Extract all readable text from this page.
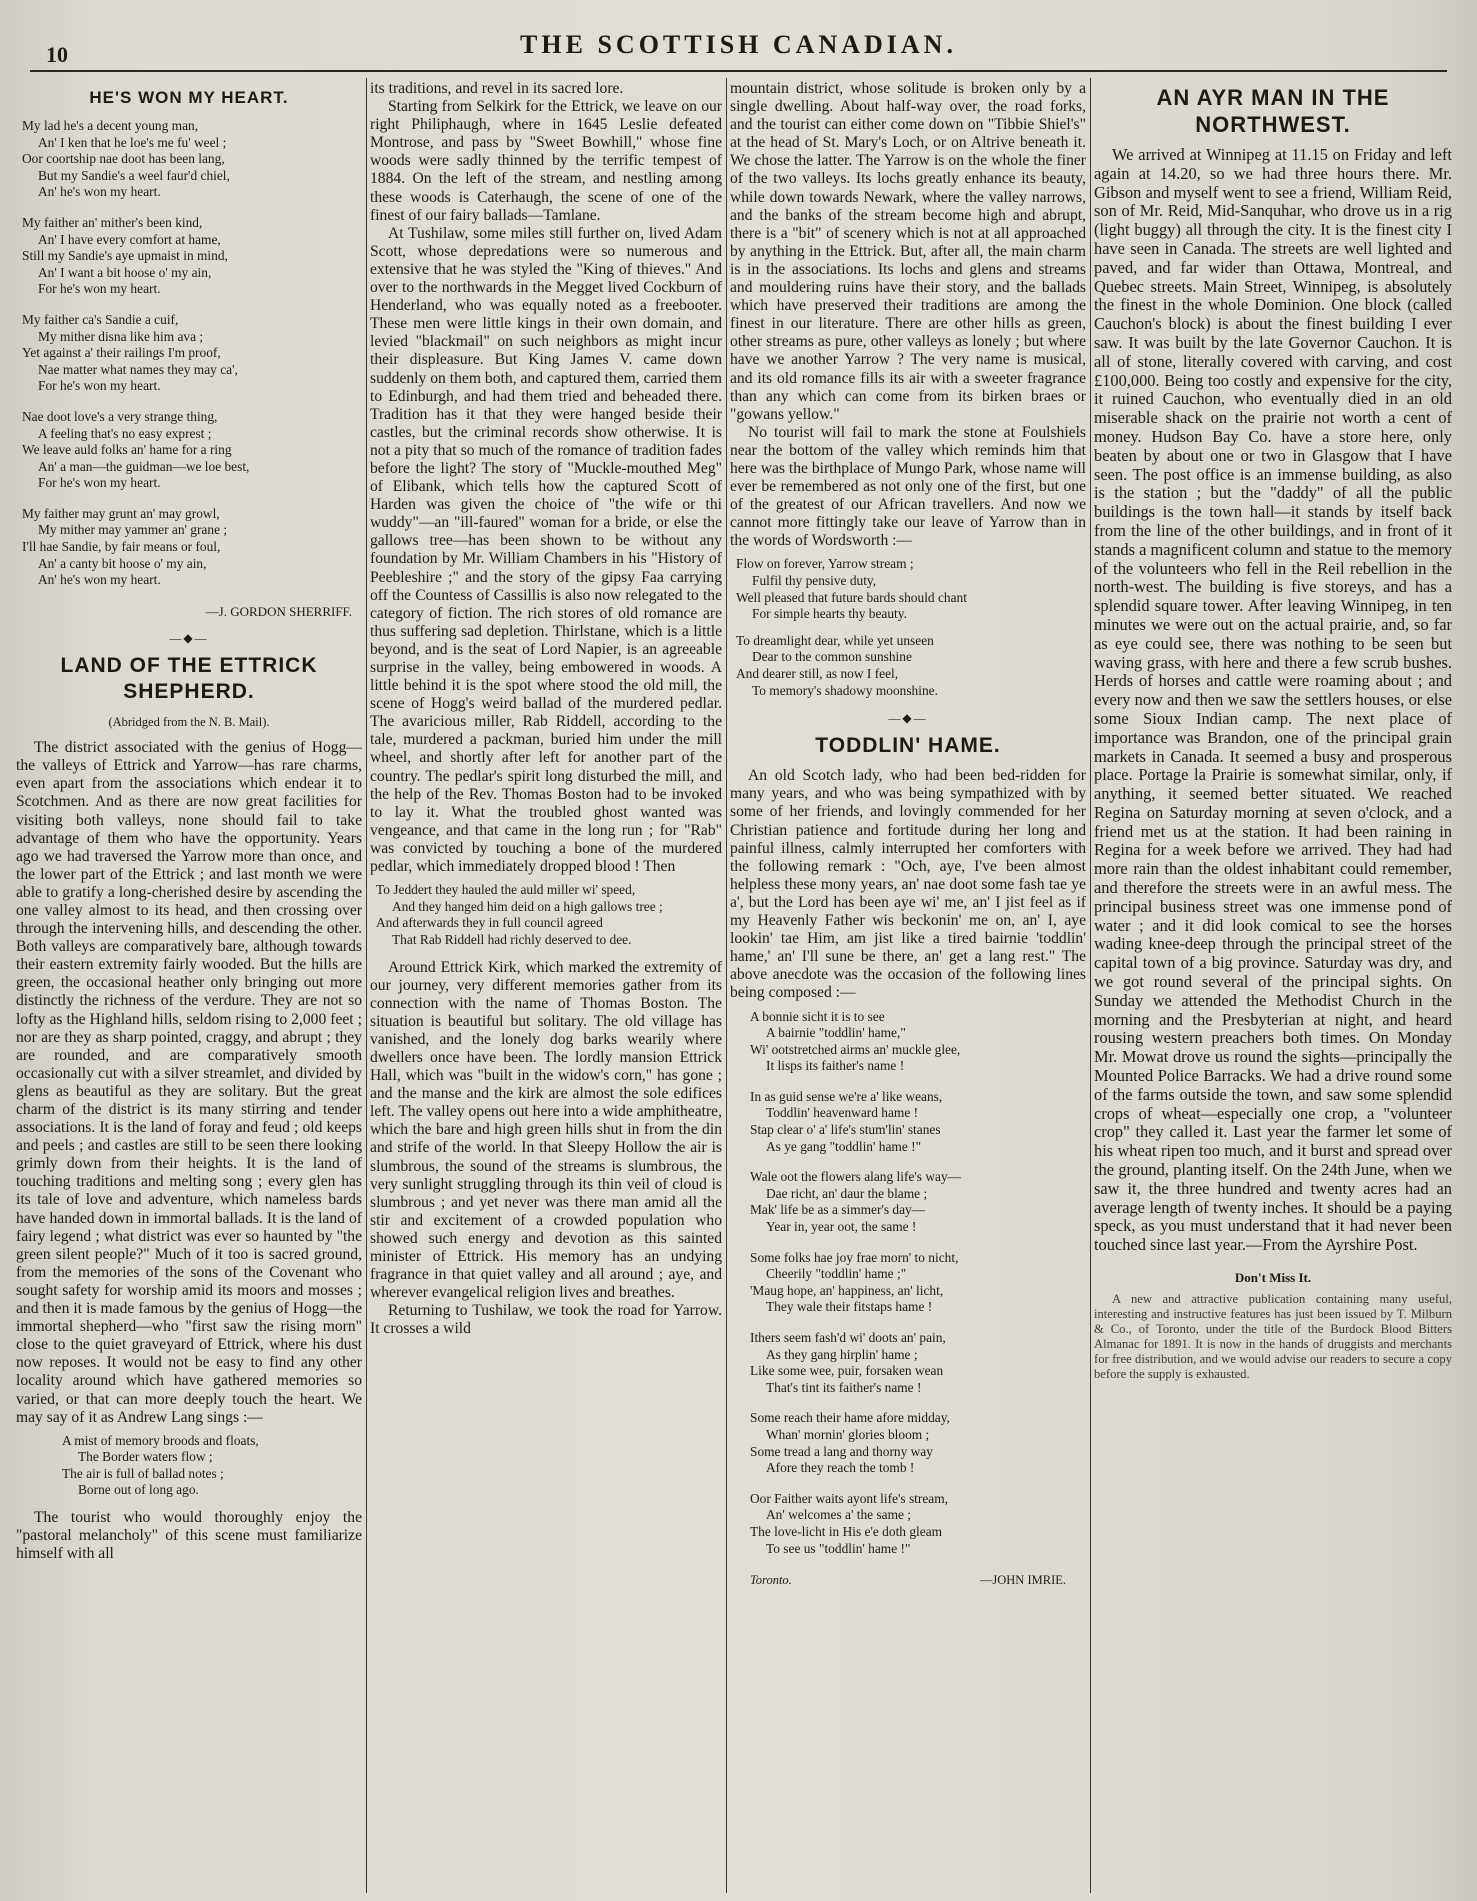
10	THE SCOTTISH CANADIAN.
HE'S WON MY HEART.

My lad he's a decent young man,

An' I ken that he loe's me fu' weel ;

Oor coortship nae doot has been lang,

But my Sandie's a weel faur'd chiel,

An' he's won my heart.

My faither an' mither's been kind,

An' I have every comfort at hame,

Still my Sandie's aye upmaist in mind,

An' I want a bit hoose o' my ain,

For he's won my heart.

My faither ca's Sandie a cuif,

My mither disna like him ava ;

Yet against a' their railings I'm proof,

Nae matter what names they may ca',

For he's won my heart.

Nae doot love's a very strange thing,

A feeling that's no easy exprest ;

We leave auld folks an' hame for a ring

An' a man—the guidman—we loe best,

For he's won my heart.

My faither may grunt an' may growl,

My mither may yammer an' grane ;

I'll hae Sandie, by fair means or foul,

An' a canty bit hoose o' my ain,

An' he's won my heart.

—J. GORDON SHERRIFF.
—◆—
LAND OF THE ETTRICK SHEPHERD.
(Abridged from the N. B. Mail).

The district associated with the genius of Hogg—the valleys of Ettrick and Yarrow—has rare charms, even apart from the associations which endear it to Scotchmen. And as there are now great facilities for visiting both valleys, none should fail to take advantage of them who have the opportunity. Years ago we had traversed the Yarrow more than once, and the lower part of the Ettrick ; and last month we were able to gratify a long-cherished desire by ascending the one valley almost to its head, and then crossing over through the intervening hills, and descending the other. Both valleys are comparatively bare, although towards their eastern extremity fairly wooded. But the hills are green, the occasional heather only bringing out more distinctly the richness of the verdure. They are not so lofty as the Highland hills, seldom rising to 2,000 feet ; nor are they as sharp pointed, craggy, and abrupt ; they are rounded, and are comparatively smooth occasionally cut with a silver streamlet, and divided by glens as beautiful as they are solitary. But the great charm of the district is its many stirring and tender associations. It is the land of foray and feud ; old keeps and peels ; and castles are still to be seen there looking grimly down from their heights. It is the land of touching traditions and melting song ; every glen has its tale of love and adventure, which nameless bards have handed down in immortal ballads. It is the land of fairy legend ; what district was ever so haunted by "the green silent people?" Much of it too is sacred ground, from the memories of the sons of the Covenant who sought safety for worship amid its moors and mosses ; and then it is made famous by the genius of Hogg—the immortal shepherd—who "first saw the rising morn" close to the quiet graveyard of Ettrick, where his dust now reposes. It would not be easy to find any other locality around which have gathered memories so varied, or that can more deeply touch the heart. We may say of it as Andrew Lang sings :—

A mist of memory broods and floats,

The Border waters flow ;

The air is full of ballad notes ;

Borne out of long ago.

The tourist who would thoroughly enjoy the "pastoral melancholy" of this scene must familiarize himself with all

its traditions, and revel in its sacred lore.

Starting from Selkirk for the Ettrick, we leave on our right Philiphaugh, where in 1645 Leslie defeated Montrose, and pass by "Sweet Bowhill," whose fine woods were sadly thinned by the terrific tempest of 1884. On the left of the stream, and nestling among these woods is Caterhaugh, the scene of one of the finest of our fairy ballads—Tamlane.

At Tushilaw, some miles still further on, lived Adam Scott, whose depredations were so numerous and extensive that he was styled the "King of thieves." And over to the northwards in the Megget lived Cockburn of Henderland, who was equally noted as a freebooter. These men were little kings in their own domain, and levied "blackmail" on such neighbors as might incur their displeasure. But King James V. came down suddenly on them both, and captured them, carried them to Edinburgh, and had them tried and beheaded there. Tradition has it that they were hanged beside their castles, but the criminal records show otherwise. It is not a pity that so much of the romance of tradition fades before the light? The story of "Muckle-mouthed Meg" of Elibank, which tells how the captured Scott of Harden was given the choice of "the wife or thi wuddy"—an "ill-faured" woman for a bride, or else the gallows tree—has been shown to be without any foundation by Mr. William Chambers in his "History of Peebleshire ;" and the story of the gipsy Faa carrying off the Countess of Cassillis is also now relegated to the category of fiction. The rich stores of old romance are thus suffering sad depletion. Thirlstane, which is a little beyond, and is the seat of Lord Napier, is an agreeable surprise in the valley, being embowered in woods. A little behind it is the spot where stood the old mill, the scene of Hogg's weird ballad of the murdered pedlar. The avaricious miller, Rab Riddell, according to the tale, murdered a packman, buried him under the mill wheel, and shortly after left for another part of the country. The pedlar's spirit long disturbed the mill, and the help of the Rev. Thomas Boston had to be invoked to lay it. What the troubled ghost wanted was vengeance, and that came in the long run ; for "Rab" was convicted by touching a bone of the murdered pedlar, which immediately dropped blood ! Then

To Jeddert they hauled the auld miller wi' speed,

And they hanged him deid on a high gallows tree ;

And afterwards they in full council agreed

That Rab Riddell had richly deserved to dee.

Around Ettrick Kirk, which marked the extremity of our journey, very different memories gather from its connection with the name of Thomas Boston. The situation is beautiful but solitary. The old village has vanished, and the lonely dog barks wearily where dwellers once have been. The lordly mansion Ettrick Hall, which was "built in the widow's corn," has gone ; and the manse and the kirk are almost the sole edifices left. The valley opens out here into a wide amphitheatre, which the bare and high green hills shut in from the din and strife of the world. In that Sleepy Hollow the air is slumbrous, the sound of the streams is slumbrous, the very sunlight struggling through its thin veil of cloud is slumbrous ; and yet never was there man amid all the stir and excitement of a crowded population who showed such energy and devotion as this sainted minister of Ettrick. His memory has an undying fragrance in that quiet valley and all around ; aye, and wherever evangelical religion lives and breathes.

Returning to Tushilaw, we took the road for Yarrow. It crosses a wild

mountain district, whose solitude is broken only by a single dwelling. About half-way over, the road forks, and the tourist can either come down on "Tibbie Shiel's" at the head of St. Mary's Loch, or on Altrive beneath it. We chose the latter. The Yarrow is on the whole the finer of the two valleys. Its lochs greatly enhance its beauty, while down towards Newark, where the valley narrows, and the banks of the stream become high and abrupt, there is a "bit" of scenery which is not at all approached by anything in the Ettrick. But, after all, the main charm is in the associations. Its lochs and glens and streams and mouldering ruins have their story, and the ballads which have preserved their traditions are among the finest in our literature. There are other hills as green, other streams as pure, other valleys as lonely ; but where have we another Yarrow ? The very name is musical, and its old romance fills its air with a sweeter fragrance than any which can come from its birken braes or "gowans yellow."

No tourist will fail to mark the stone at Foulshiels near the bottom of the valley which reminds him that here was the birthplace of Mungo Park, whose name will ever be remembered as not only one of the first, but one of the greatest of our African travellers. And now we cannot more fittingly take our leave of Yarrow than in the words of Wordsworth :—

Flow on forever, Yarrow stream ;

Fulfil thy pensive duty,

Well pleased that future bards should chant

For simple hearts thy beauty.

To dreamlight dear, while yet unseen

Dear to the common sunshine

And dearer still, as now I feel,

To memory's shadowy moonshine.

—◆—
TODDLIN' HAME.

An old Scotch lady, who had been bed-ridden for many years, and who was being sympathized with by some of her friends, and lovingly commended for her Christian patience and fortitude during her long and painful illness, calmly interrupted her comforters with the following remark : "Och, aye, I've been almost helpless these mony years, an' nae doot some fash tae ye a', but the Lord has been aye wi' me, an' I jist feel as if my Heavenly Father wis beckonin' me on, an' I, aye lookin' tae Him, am jist like a tired bairnie 'toddlin' hame,' an' I'll sune be there, an' get a lang rest." The above anecdote was the occasion of the following lines being composed :—

A bonnie sicht it is to see

A bairnie "toddlin' hame,"

Wi' ootstretched airms an' muckle glee,

It lisps its faither's name !

In as guid sense we're a' like weans,

Toddlin' heavenward hame !

Stap clear o' a' life's stum'lin' stanes

As ye gang "toddlin' hame !"

Wale oot the flowers alang life's way—

Dae richt, an' daur the blame ;

Mak' life be as a simmer's day—

Year in, year oot, the same !

Some folks hae joy frae morn' to nicht,

Cheerily "toddlin' hame ;"

'Maug hope, an' happiness, an' licht,

They wale their fitstaps hame !

Ithers seem fash'd wi' doots an' pain,

As they gang hirplin' hame ;

Like some wee, puir, forsaken wean

That's tint its faither's name !

Some reach their hame afore midday,

Whan' mornin' glories bloom ;

Some tread a lang and thorny way

Afore they reach the tomb !

Oor Faither waits ayont life's stream,

An' welcomes a' the same ;

The love-licht in His e'e doth gleam

To see us "toddlin' hame !"

Toronto.	—JOHN IMRIE.
AN AYR MAN IN THE NORTHWEST.

We arrived at Winnipeg at 11.15 on Friday and left again at 14.20, so we had three hours there. Mr. Gibson and myself went to see a friend, William Reid, son of Mr. Reid, Mid-Sanquhar, who drove us in a rig (light buggy) all through the city. It is the finest city I have seen in Canada. The streets are well lighted and paved, and far wider than Ottawa, Montreal, and Quebec streets. Main Street, Winnipeg, is absolutely the finest in the whole Dominion. One block (called Cauchon's block) is about the finest building I ever saw. It was built by the late Governor Cauchon. It is all of stone, literally covered with carving, and cost £100,000. Being too costly and expensive for the city, it ruined Cauchon, who eventually died in an old miserable shack on the prairie not worth a cent of money. Hudson Bay Co. have a store here, only beaten by about one or two in Glasgow that I have seen. The post office is an immense building, as also is the station ; but the "daddy" of all the public buildings is the town hall—it stands by itself back from the line of the other buildings, and in front of it stands a magnificent column and statue to the memory of the volunteers who fell in the Reil rebellion in the north-west. The building is five storeys, and has a splendid square tower. After leaving Winnipeg, in ten minutes we were out on the actual prairie, and, so far as eye could see, there was nothing to be seen but waving grass, with here and there a few scrub bushes. Herds of horses and cattle were roaming about ; and every now and then we saw the settlers houses, or else some Sioux Indian camp. The next place of importance was Brandon, one of the principal grain markets in Canada. It seemed a busy and prosperous place. Portage la Prairie is somewhat similar, only, if anything, it seemed better situated. We reached Regina on Saturday morning at seven o'clock, and a friend met us at the station. It had been raining in Regina for a week before we arrived. They had had more rain than the oldest inhabitant could remember, and therefore the streets were in an awful mess. The principal business street was one immense pond of water ; and it did look comical to see the horses wading knee-deep through the principal street of the capital town of a big province. Saturday was dry, and we got round several of the principal sights. On Sunday we attended the Methodist Church in the morning and the Presbyterian at night, and heard rousing western preachers both times. On Monday Mr. Mowat drove us round the sights—principally the Mounted Police Barracks. We had a drive round some of the farms outside the town, and saw some splendid crops of wheat—especially one crop, a "volunteer crop" they called it. Last year the farmer let some of his wheat ripen too much, and it burst and spread over the ground, planting itself. On the 24th June, when we saw it, the three hundred and twenty acres had an average length of twenty inches. It should be a paying speck, as you must understand that it had never been touched since last year.—From the Ayrshire Post.

Don't Miss It.

A new and attractive publication containing many useful, interesting and instructive features has just been issued by T. Milburn & Co., of Toronto, under the title of the Burdock Blood Bitters Almanac for 1891. It is now in the hands of druggists and merchants for free distribution, and we would advise our readers to secure a copy before the supply is exhausted.
